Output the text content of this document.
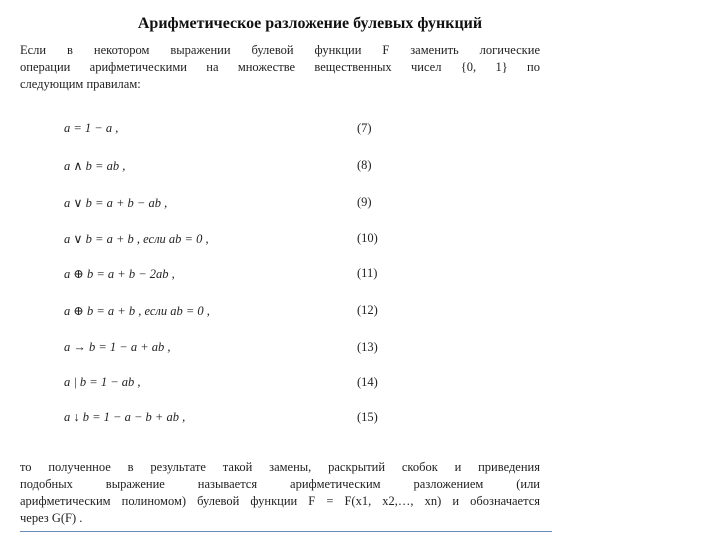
Арифметическое разложение булевых функций
Если в некотором выражении булевой функции F заменить логические
операции арифметическими на множестве вещественных чисел {0, 1} по
следующим правилам:
a = 1 − a ,	(7)
a ∧ b = ab ,	(8)
a ∨ b = a + b − ab ,	(9)
a ∨ b = a + b , если ab = 0 ,	(10)
a ⊕ b = a + b − 2ab ,	(11)
a ⊕ b = a + b , если ab = 0 ,	(12)
a → b = 1 − a + ab ,	(13)
a | b = 1 − ab ,	(14)
a ↓ b = 1 − a − b + ab ,	(15)
то полученное в результате такой замены, раскрытий скобок и приведения
подобных выражение называется арифметическим разложением (или
арифметическим полиномом) булевой функции F = F(x1, x2,…, xn) и обозначается
через G(F) .
